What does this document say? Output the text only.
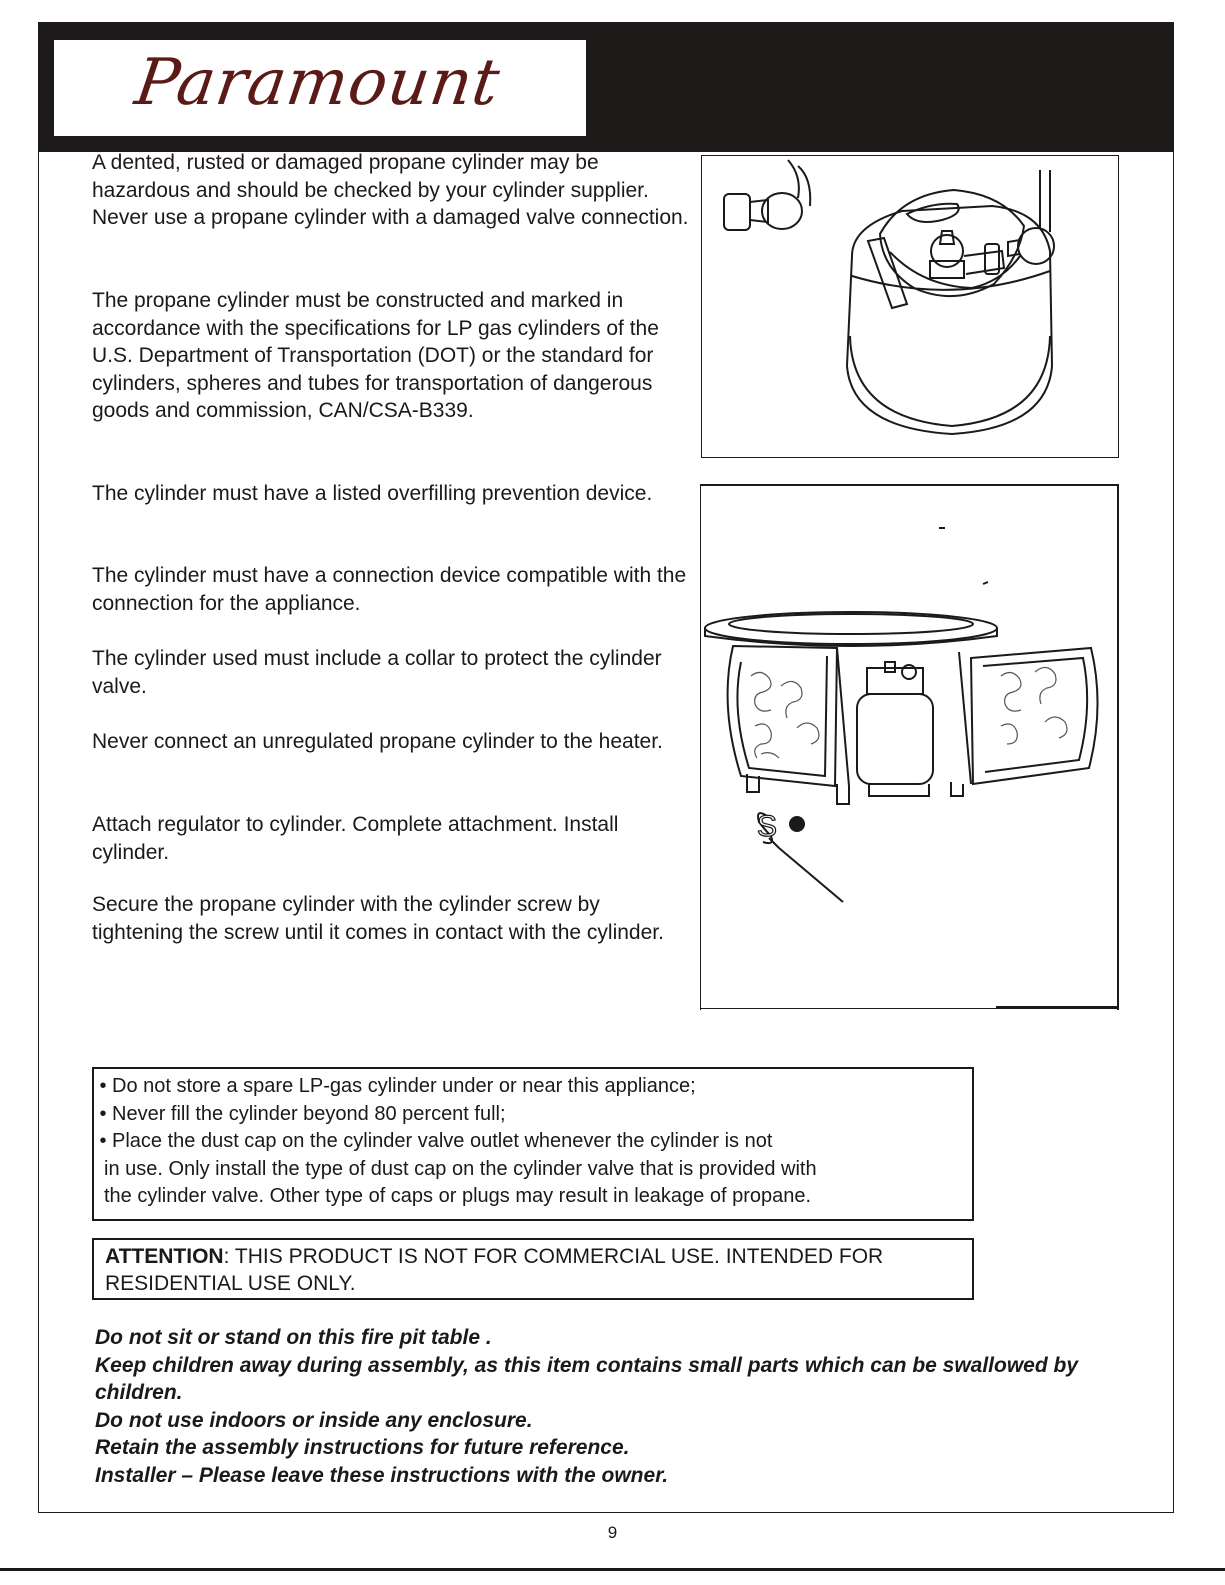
Paramount

A dented, rusted or damaged propane cylinder may be hazardous and should be checked by your cylinder supplier. Never use a propane cylinder with a damaged valve connection.

The propane cylinder must be constructed and marked in accordance with the specifications for LP gas cylinders of the U.S. Department of Transportation (DOT) or the standard for cylinders, spheres and tubes for transportation of dangerous goods and commission, CAN/CSA-B339.

The cylinder must have a listed overfilling prevention device.

The cylinder must have a connection device compatible with the connection for the appliance.

The cylinder used must include a collar to protect the cylinder valve.

Never connect an unregulated propane cylinder to the heater.

Attach regulator to cylinder. Complete attachment. Install cylinder.

Secure the propane cylinder with the cylinder screw by tightening the screw until it comes in contact with the cylinder.

S

• Do not store a spare LP-gas cylinder under or near this appliance;

• Never fill the cylinder beyond 80 percent full;

• Place the dust cap on the cylinder valve outlet whenever the cylinder is not

in use. Only install the type of dust cap on the cylinder valve that is provided with

the cylinder valve. Other type of caps or plugs may result in leakage of propane.

ATTENTION: THIS PRODUCT IS NOT FOR COMMERCIAL USE. INTENDED FOR RESIDENTIAL USE ONLY.

Do not sit or stand on this fire pit table .

Keep children away during assembly, as this item contains small parts which can be swallowed by children.

Do not use indoors or inside any enclosure.

Retain the assembly instructions for future reference.

Installer – Please leave these instructions with the owner.

9
